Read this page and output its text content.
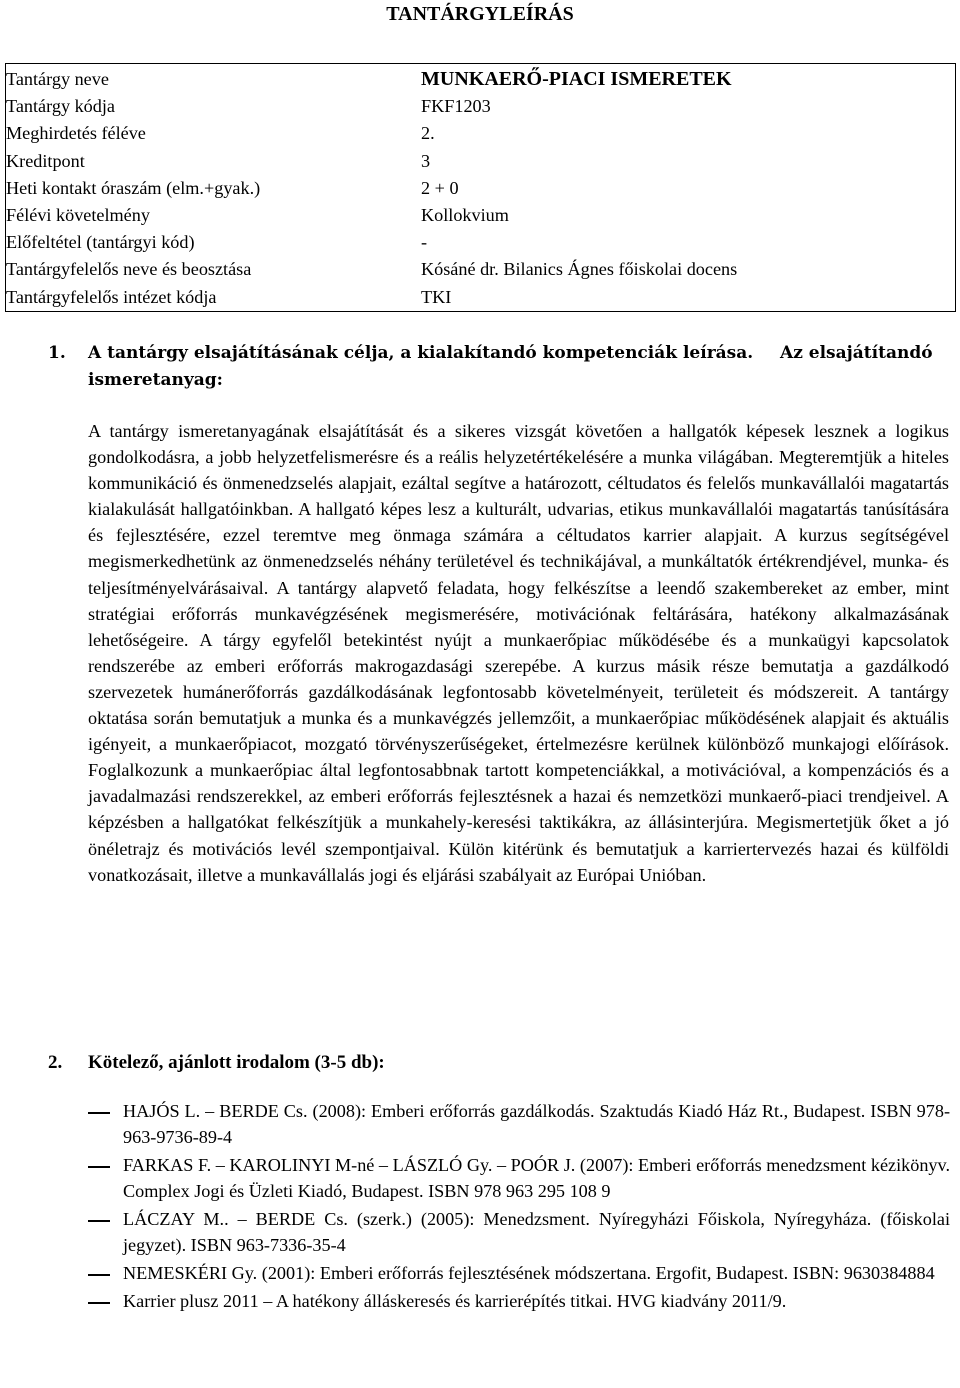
TANTÁRGYLEÍRÁS
Tantárgy neve	MUNKAERŐ-PIACI ISMERETEK
Tantárgy kódja	FKF1203
Meghirdetés féléve	2.
Kreditpont	3
Heti kontakt óraszám (elm.+gyak.)	2 + 0
Félévi követelmény	Kollokvium
Előfeltétel (tantárgyi kód)	-
Tantárgyfelelős neve és beosztása	Kósáné dr. Bilanics Ágnes főiskolai docens
Tantárgyfelelős intézet kódja	TKI
1. A tantárgy elsajátításának célja, a kialakítandó kompetenciák leírása. Az elsajátítandó
ismeretanyag:
A tantárgy ismeretanyagának elsajátítását és a sikeres vizsgát követően a hallgatók képesek lesznek a logikus gondolkodásra, a jobb helyzetfelismerésre és a reális helyzetértékelésére a munka világában. Megteremtjük a hiteles kommunikáció és önmenedzselés alapjait, ezáltal segítve a határozott, céltudatos és felelős munkavállalói magatartás kialakulását hallgatóinkban. A hallgató képes lesz a kulturált, udvarias, etikus munkavállalói magatartás tanúsítására és fejlesztésére, ezzel teremtve meg önmaga számára a céltudatos karrier alapjait. A kurzus segítségével megismerkedhetünk az önmenedzselés néhány területével és technikájával, a munkáltatók értékrendjével, munka- és teljesítményelvárásaival. A tantárgy alapvető feladata, hogy felkészítse a leendő szakembereket az ember, mint stratégiai erőforrás munkavégzésének megismerésére, motivációnak feltárására, hatékony alkalmazásának lehetőségeire. A tárgy egyfelől betekintést nyújt a munkaerőpiac működésébe és a munkaügyi kapcsolatok rendszerébe az emberi erőforrás makrogazdasági szerepébe. A kurzus másik része bemutatja a gazdálkodó szervezetek humánerőforrás gazdálkodásának legfontosabb követelményeit, területeit és módszereit. A tantárgy oktatása során bemutatjuk a munka és a munkavégzés jellemzőit, a munkaerőpiac működésének alapjait és aktuális igényeit, a munkaerőpiacot, mozgató törvényszerűségeket, értelmezésre kerülnek különböző munkajogi előírások. Foglalkozunk a munkaerőpiac által legfontosabbnak tartott kompetenciákkal, a motivációval, a kompenzációs és a javadalmazási rendszerekkel, az emberi erőforrás fejlesztésnek a hazai és nemzetközi munkaerő-piaci trendjeivel. A képzésben a hallgatókat felkészítjük a munkahely-keresési taktikákra, az állásinterjúra. Megismertetjük őket a jó önéletrajz és motivációs levél szempontjaival. Külön kitérünk és bemutatjuk a karriertervezés hazai és külföldi vonatkozásait, illetve a munkavállalás jogi és eljárási szabályait az Európai Unióban.
2. Kötelező, ajánlott irodalom (3-5 db):
HAJÓS L. – BERDE Cs. (2008): Emberi erőforrás gazdálkodás. Szaktudás Kiadó Ház Rt., Budapest. ISBN 978-963-9736-89-4
FARKAS F. – KAROLINYI M-né – LÁSZLÓ Gy. – POÓR J. (2007): Emberi erőforrás menedzsment kézikönyv. Complex Jogi és Üzleti Kiadó, Budapest. ISBN 978 963 295 108 9
LÁCZAY M.. – BERDE Cs. (szerk.) (2005): Menedzsment. Nyíregyházi Főiskola, Nyíregyháza. (főiskolai jegyzet). ISBN 963-7336-35-4
NEMESKÉRI Gy. (2001): Emberi erőforrás fejlesztésének módszertana. Ergofit, Budapest. ISBN: 9630384884
Karrier plusz 2011 – A hatékony álláskeresés és karrierépítés titkai. HVG kiadvány 2011/9.
